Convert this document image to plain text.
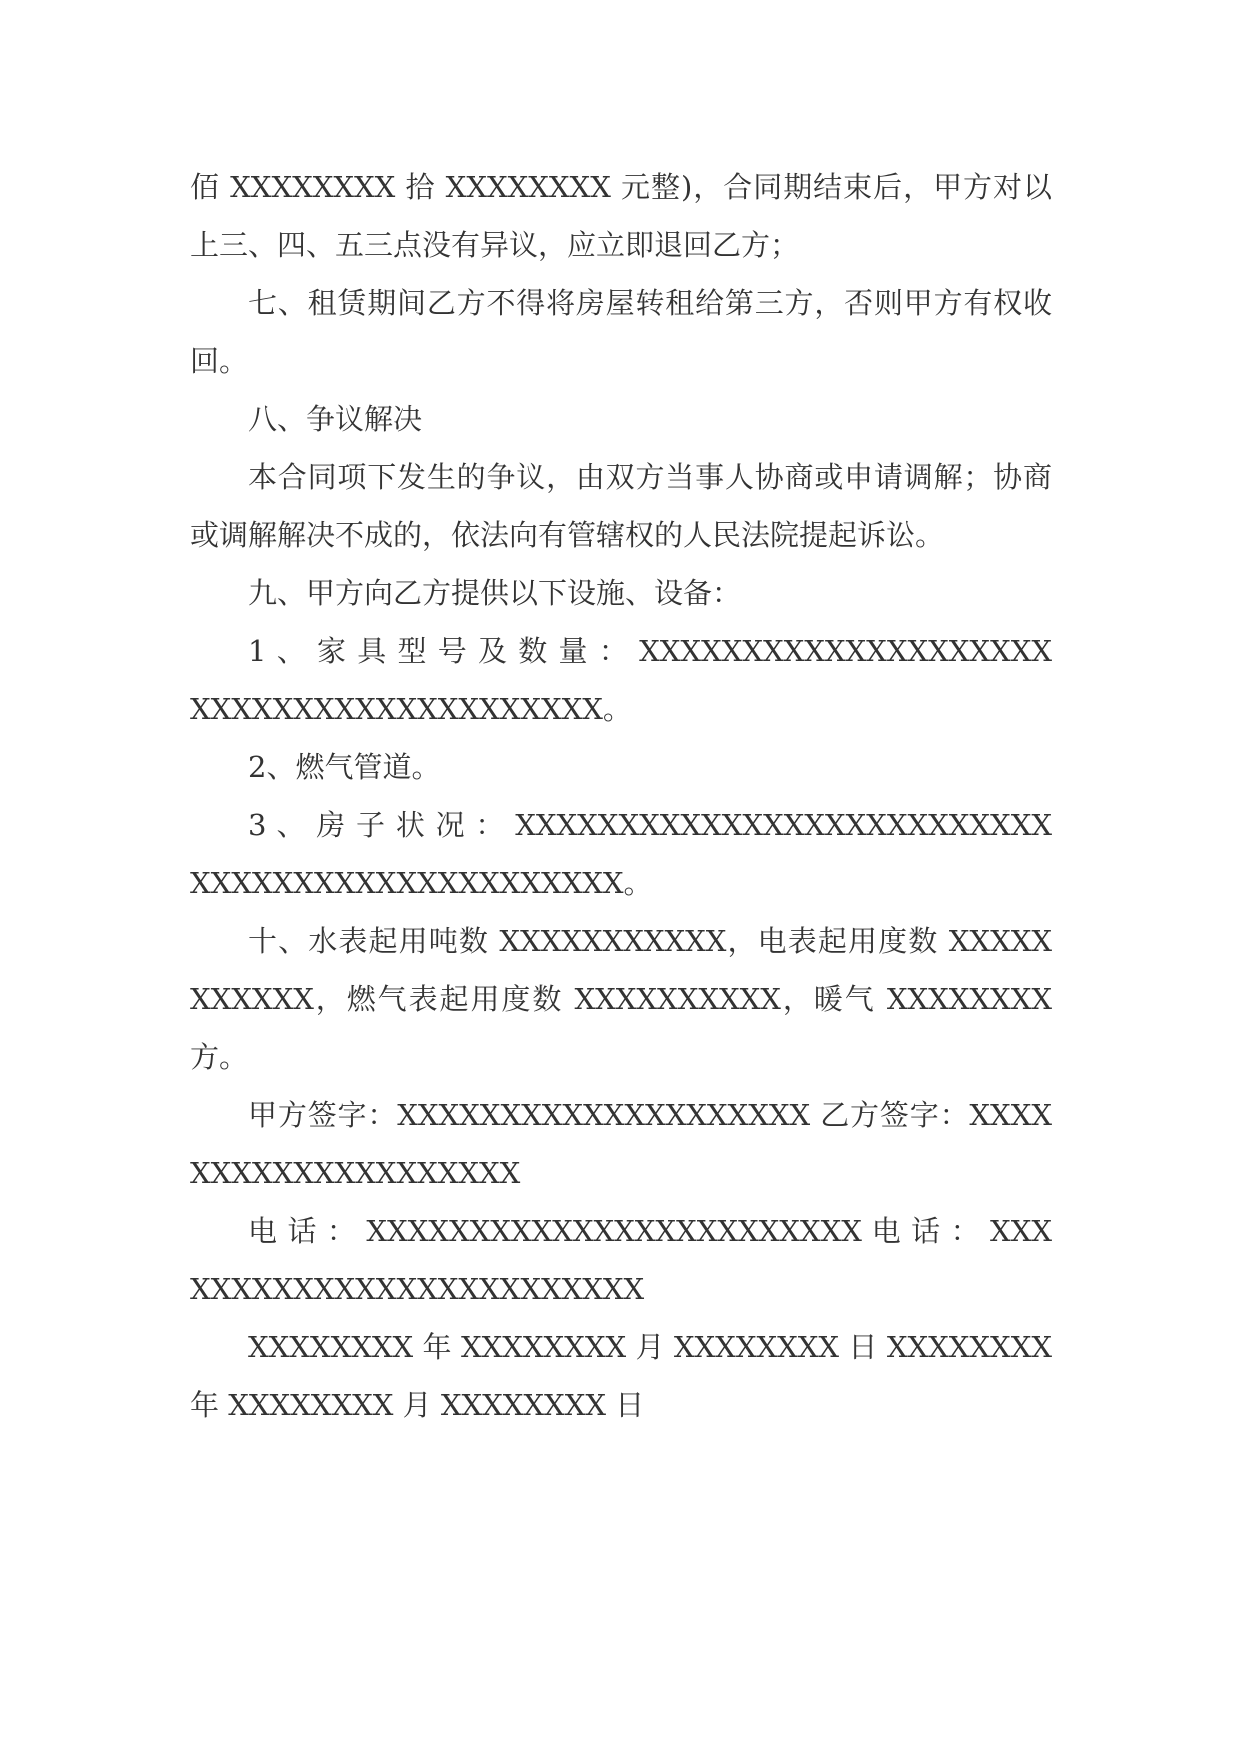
佰 XXXXXXXX 拾 XXXXXXXX 元整)，合同期结束后，甲方对以上三、四、五三点没有异议，应立即退回乙方；

七、租赁期间乙方不得将房屋转租给第三方，否则甲方有权收回。

八、争议解决

本合同项下发生的争议，由双方当事人协商或申请调解；协商或调解解决不成的，依法向有管辖权的人民法院提起诉讼。

九、甲方向乙方提供以下设施、设备：

1 、 家 具 型 号 及 数 量 ： XXXXXXXXXXXXXXXXXXXXXXXXXXXXXXXXXXXXXXXX。

2、燃气管道。

3 、 房 子 状 况 ： XXXXXXXXXXXXXXXXXXXXXXXXXXXXXXXXXXXXXXXXXXXXXXX。

十、水表起用吨数 XXXXXXXXXXX，电表起用度数 XXXXXXXXXXX，燃气表起用度数 XXXXXXXXXX，暖气 XXXXXXXX 方。

甲方签字：XXXXXXXXXXXXXXXXXXXX 乙方签字：XXXXXXXXXXXXXXXXXXXX

电 话 ： XXXXXXXXXXXXXXXXXXXXXXXX 电 话 ： XXXXXXXXXXXXXXXXXXXXXXXXX

XXXXXXXX 年 XXXXXXXX 月 XXXXXXXX 日 XXXXXXXX 年 XXXXXXXX 月 XXXXXXXX 日
